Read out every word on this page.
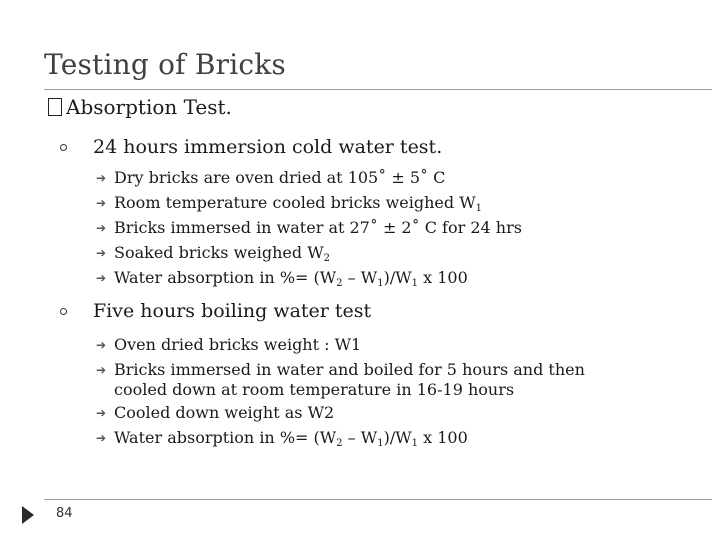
Testing of Bricks
Absorption Test.
24 hours immersion cold water test.
➔ Dry bricks are oven dried at 105˚ ± 5˚ C
➔ Room temperature cooled bricks weighed $W_1$
➔ Bricks immersed in water at 27˚ ± 2˚ C for 24 hrs
➔ Soaked bricks weighed $W_2$
➔ Water absorption in %= $(W_2 - W_1)/W_1$ x 100
Five hours boiling water test
➔ Oven dried bricks weight : W1
➔ Bricks immersed in water and boiled for 5 hours and then
cooled down at room temperature in 16-19 hours
➔ Cooled down weight as W2
➔ Water absorption in %= $(W_2 - W_1)/W_1$ x 100
84
